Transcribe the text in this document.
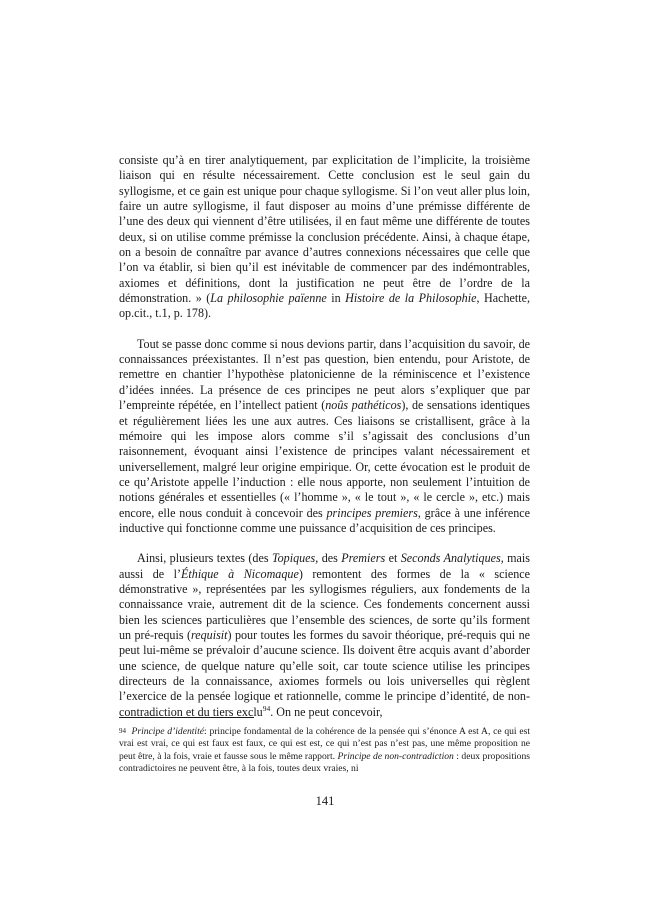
consiste qu’à en tirer analytiquement, par explicitation de l’implicite, la troisième liaison qui en résulte nécessairement. Cette conclusion est le seul gain du syllogisme, et ce gain est unique pour chaque syllogisme. Si l’on veut aller plus loin, faire un autre syllogisme, il faut disposer au moins d’une prémisse différente de l’une des deux qui viennent d’être utilisées, il en faut même une différente de toutes deux, si on utilise comme prémisse la conclusion précédente. Ainsi, à chaque étape, on a besoin de connaître par avance d’autres connexions nécessaires que celle que l’on va établir, si bien qu’il est inévitable de commencer par des indémontrables, axiomes et définitions, dont la justification ne peut être de l’ordre de la démonstration. » (La philosophie païenne in Histoire de la Philosophie, Hachette, op.cit., t.1, p. 178).

Tout se passe donc comme si nous devions partir, dans l’acquisition du savoir, de connaissances préexistantes. Il n’est pas question, bien entendu, pour Aristote, de remettre en chantier l’hypothèse platonicienne de la réminiscence et l’existence d’idées innées. La présence de ces principes ne peut alors s’expliquer que par l’empreinte répétée, en l’intellect patient (noûs pathéticos), de sensations identiques et régulièrement liées les une aux autres. Ces liaisons se cristallisent, grâce à la mémoire qui les impose alors comme s’il s’agissait des conclusions d’un raisonnement, évoquant ainsi l’existence de principes valant nécessairement et universellement, malgré leur origine empirique. Or, cette évocation est le produit de ce qu’Aristote appelle l’induction : elle nous apporte, non seulement l’intuition de notions générales et essentielles (« l’homme », « le tout », « le cercle », etc.) mais encore, elle nous conduit à concevoir des principes premiers, grâce à une inférence inductive qui fonctionne comme une puissance d’acquisition de ces principes.

Ainsi, plusieurs textes (des Topiques, des Premiers et Seconds Analytiques, mais aussi de l’Éthique à Nicomaque) remontent des formes de la « science démonstrative », représentées par les syllogismes réguliers, aux fondements de la connaissance vraie, autrement dit de la science. Ces fondements concernent aussi bien les sciences particulières que l’ensemble des sciences, de sorte qu’ils forment un pré-requis (requisit) pour toutes les formes du savoir théorique, pré-requis qui ne peut lui-même se prévaloir d’aucune science. Ils doivent être acquis avant d’aborder une science, de quelque nature qu’elle soit, car toute science utilise les principes directeurs de la connaissance, axiomes formels ou lois universelles qui règlent l’exercice de la pensée logique et rationnelle, comme le principe d’identité, de non-contradiction et du tiers exclu$^{94}$. On ne peut concevoir,

$^{94}$ Principe d’identité: principe fondamental de la cohérence de la pensée qui s’énonce A est A, ce qui est vrai est vrai, ce qui est faux est faux, ce qui est est, ce qui n’est pas n’est pas, une même proposition ne peut être, à la fois, vraie et fausse sous le même rapport. Principe de non-contradiction : deux propositions contradictoires ne peuvent être, à la fois, toutes deux vraies, ni
141
